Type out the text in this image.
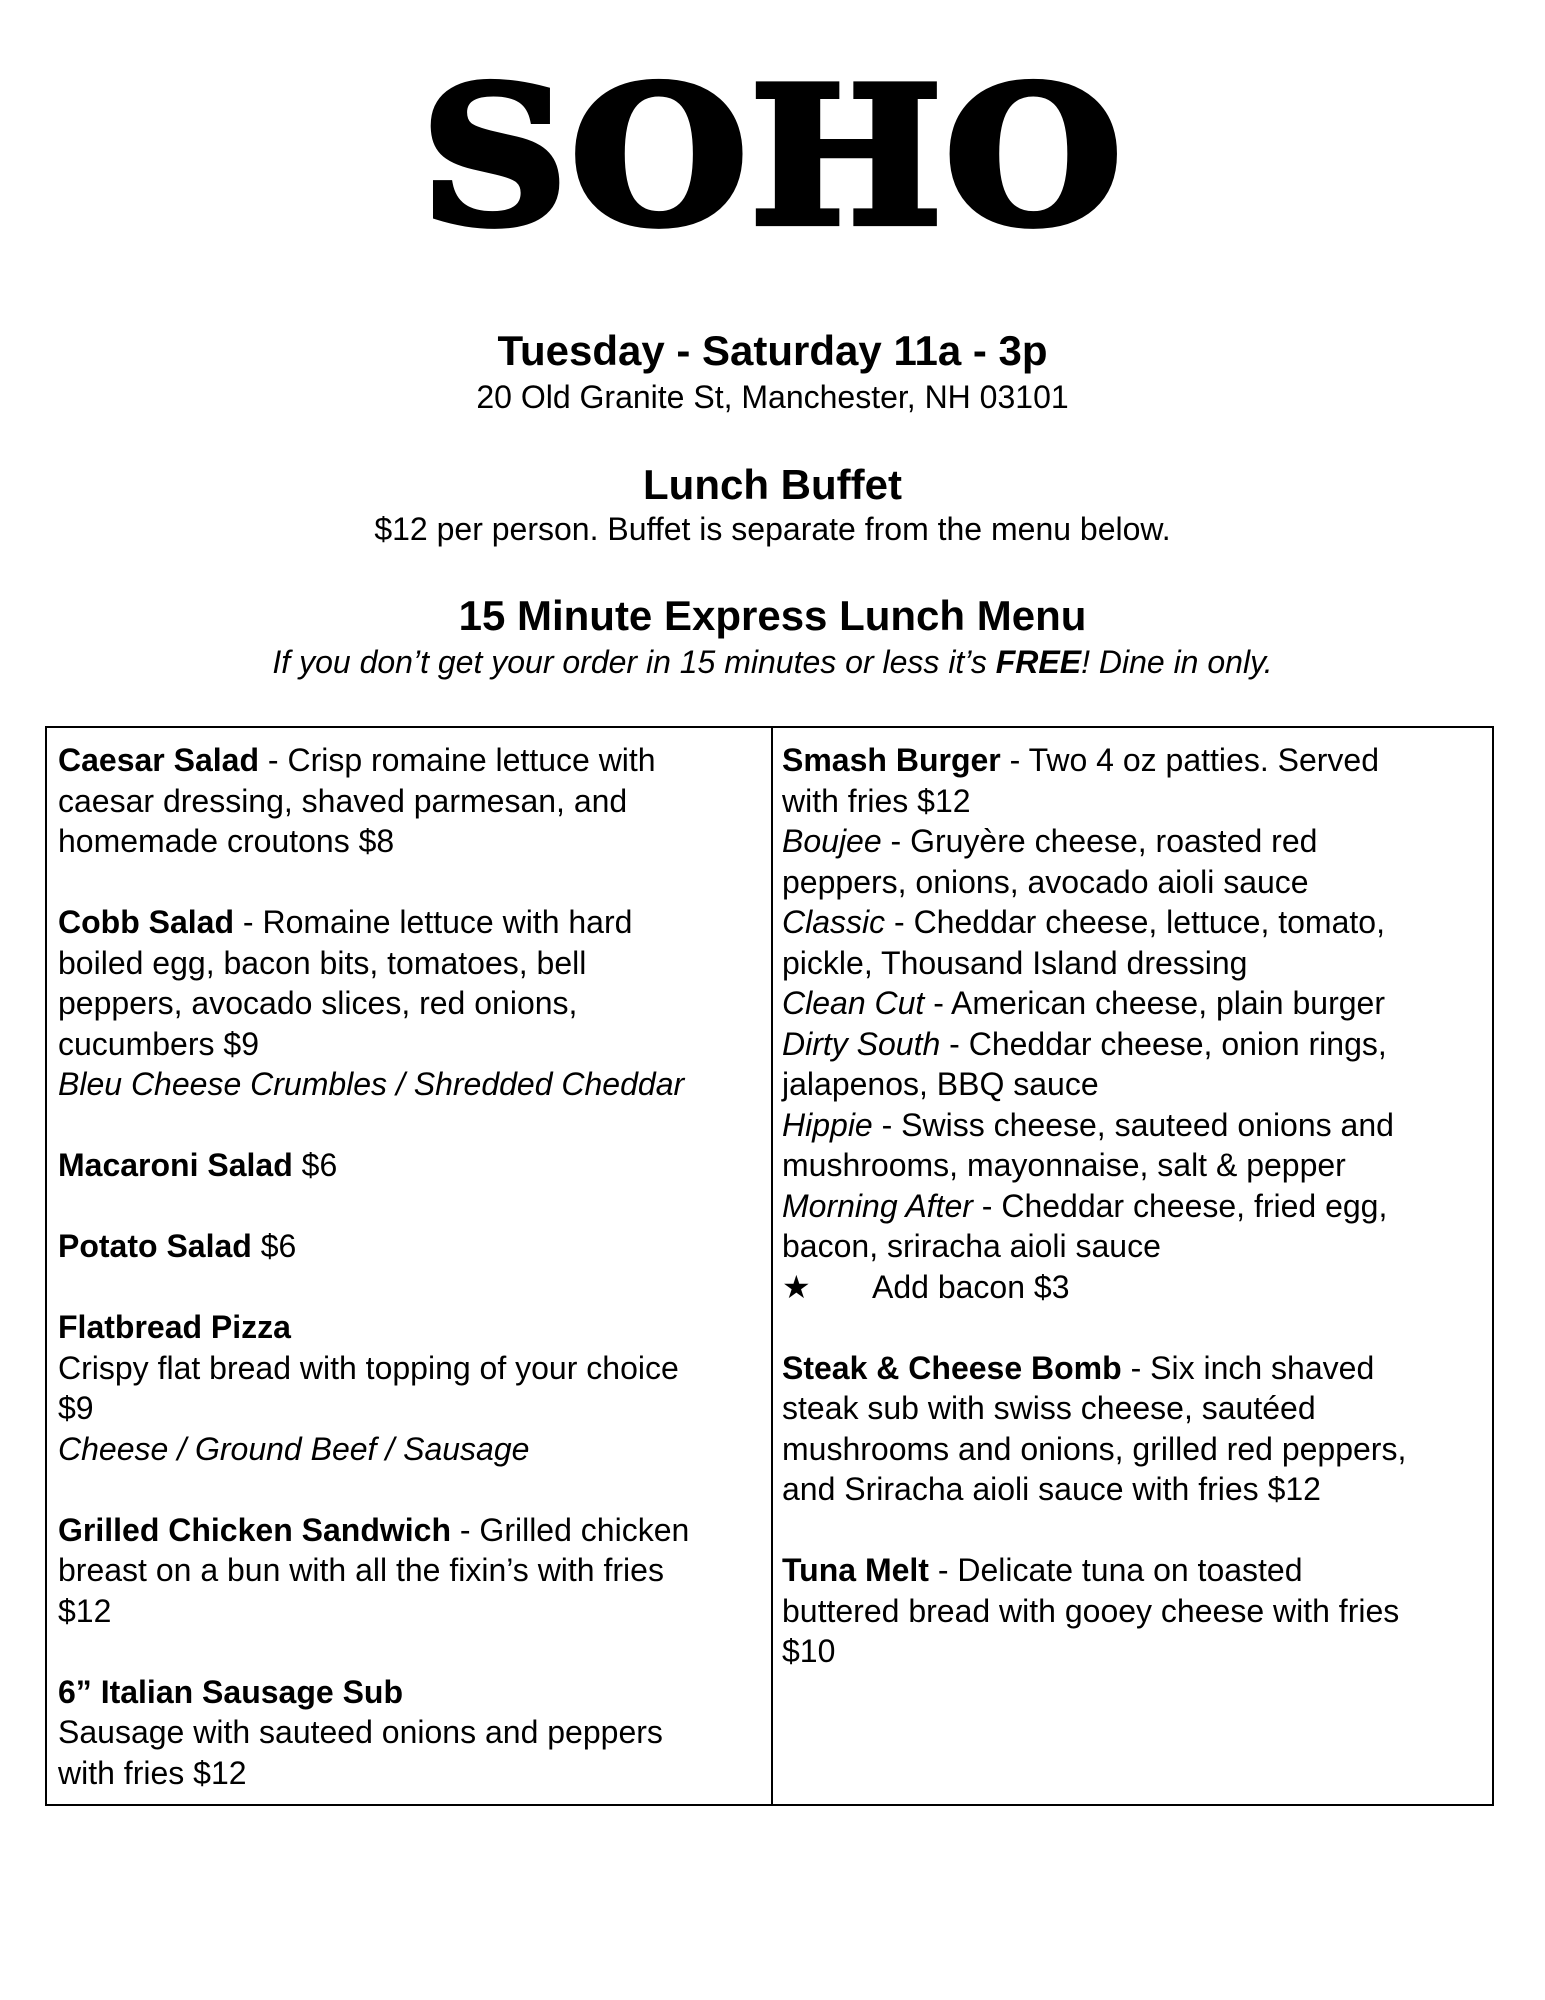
SOHO
Tuesday - Saturday 11a - 3p
20 Old Granite St, Manchester, NH 03101
Lunch Buffet
$12 per person. Buffet is separate from the menu below.
15 Minute Express Lunch Menu
If you don’t get your order in 15 minutes or less it’s FREE! Dine in only.
Caesar Salad - Crisp romaine lettuce with
caesar dressing, shaved parmesan, and
homemade croutons $8
Cobb Salad - Romaine lettuce with hard
boiled egg, bacon bits, tomatoes, bell
peppers, avocado slices, red onions,
cucumbers $9
Bleu Cheese Crumbles / Shredded Cheddar
Macaroni Salad $6
Potato Salad $6
Flatbread Pizza
Crispy flat bread with topping of your choice
$9
Cheese / Ground Beef / Sausage
Grilled Chicken Sandwich - Grilled chicken
breast on a bun with all the fixin’s with fries
$12
6” Italian Sausage Sub
Sausage with sauteed onions and peppers
with fries $12
Smash Burger - Two 4 oz patties. Served
with fries $12
Boujee - Gruyère cheese, roasted red
peppers, onions, avocado aioli sauce
Classic - Cheddar cheese, lettuce, tomato,
pickle, Thousand Island dressing
Clean Cut - American cheese, plain burger
Dirty South - Cheddar cheese, onion rings,
jalapenos, BBQ sauce
Hippie - Swiss cheese, sauteed onions and
mushrooms, mayonnaise, salt & pepper
Morning After - Cheddar cheese, fried egg,
bacon, sriracha aioli sauce
★ Add bacon $3
Steak & Cheese Bomb - Six inch shaved
steak sub with swiss cheese, sautéed
mushrooms and onions, grilled red peppers,
and Sriracha aioli sauce with fries $12
Tuna Melt - Delicate tuna on toasted
buttered bread with gooey cheese with fries
$10
